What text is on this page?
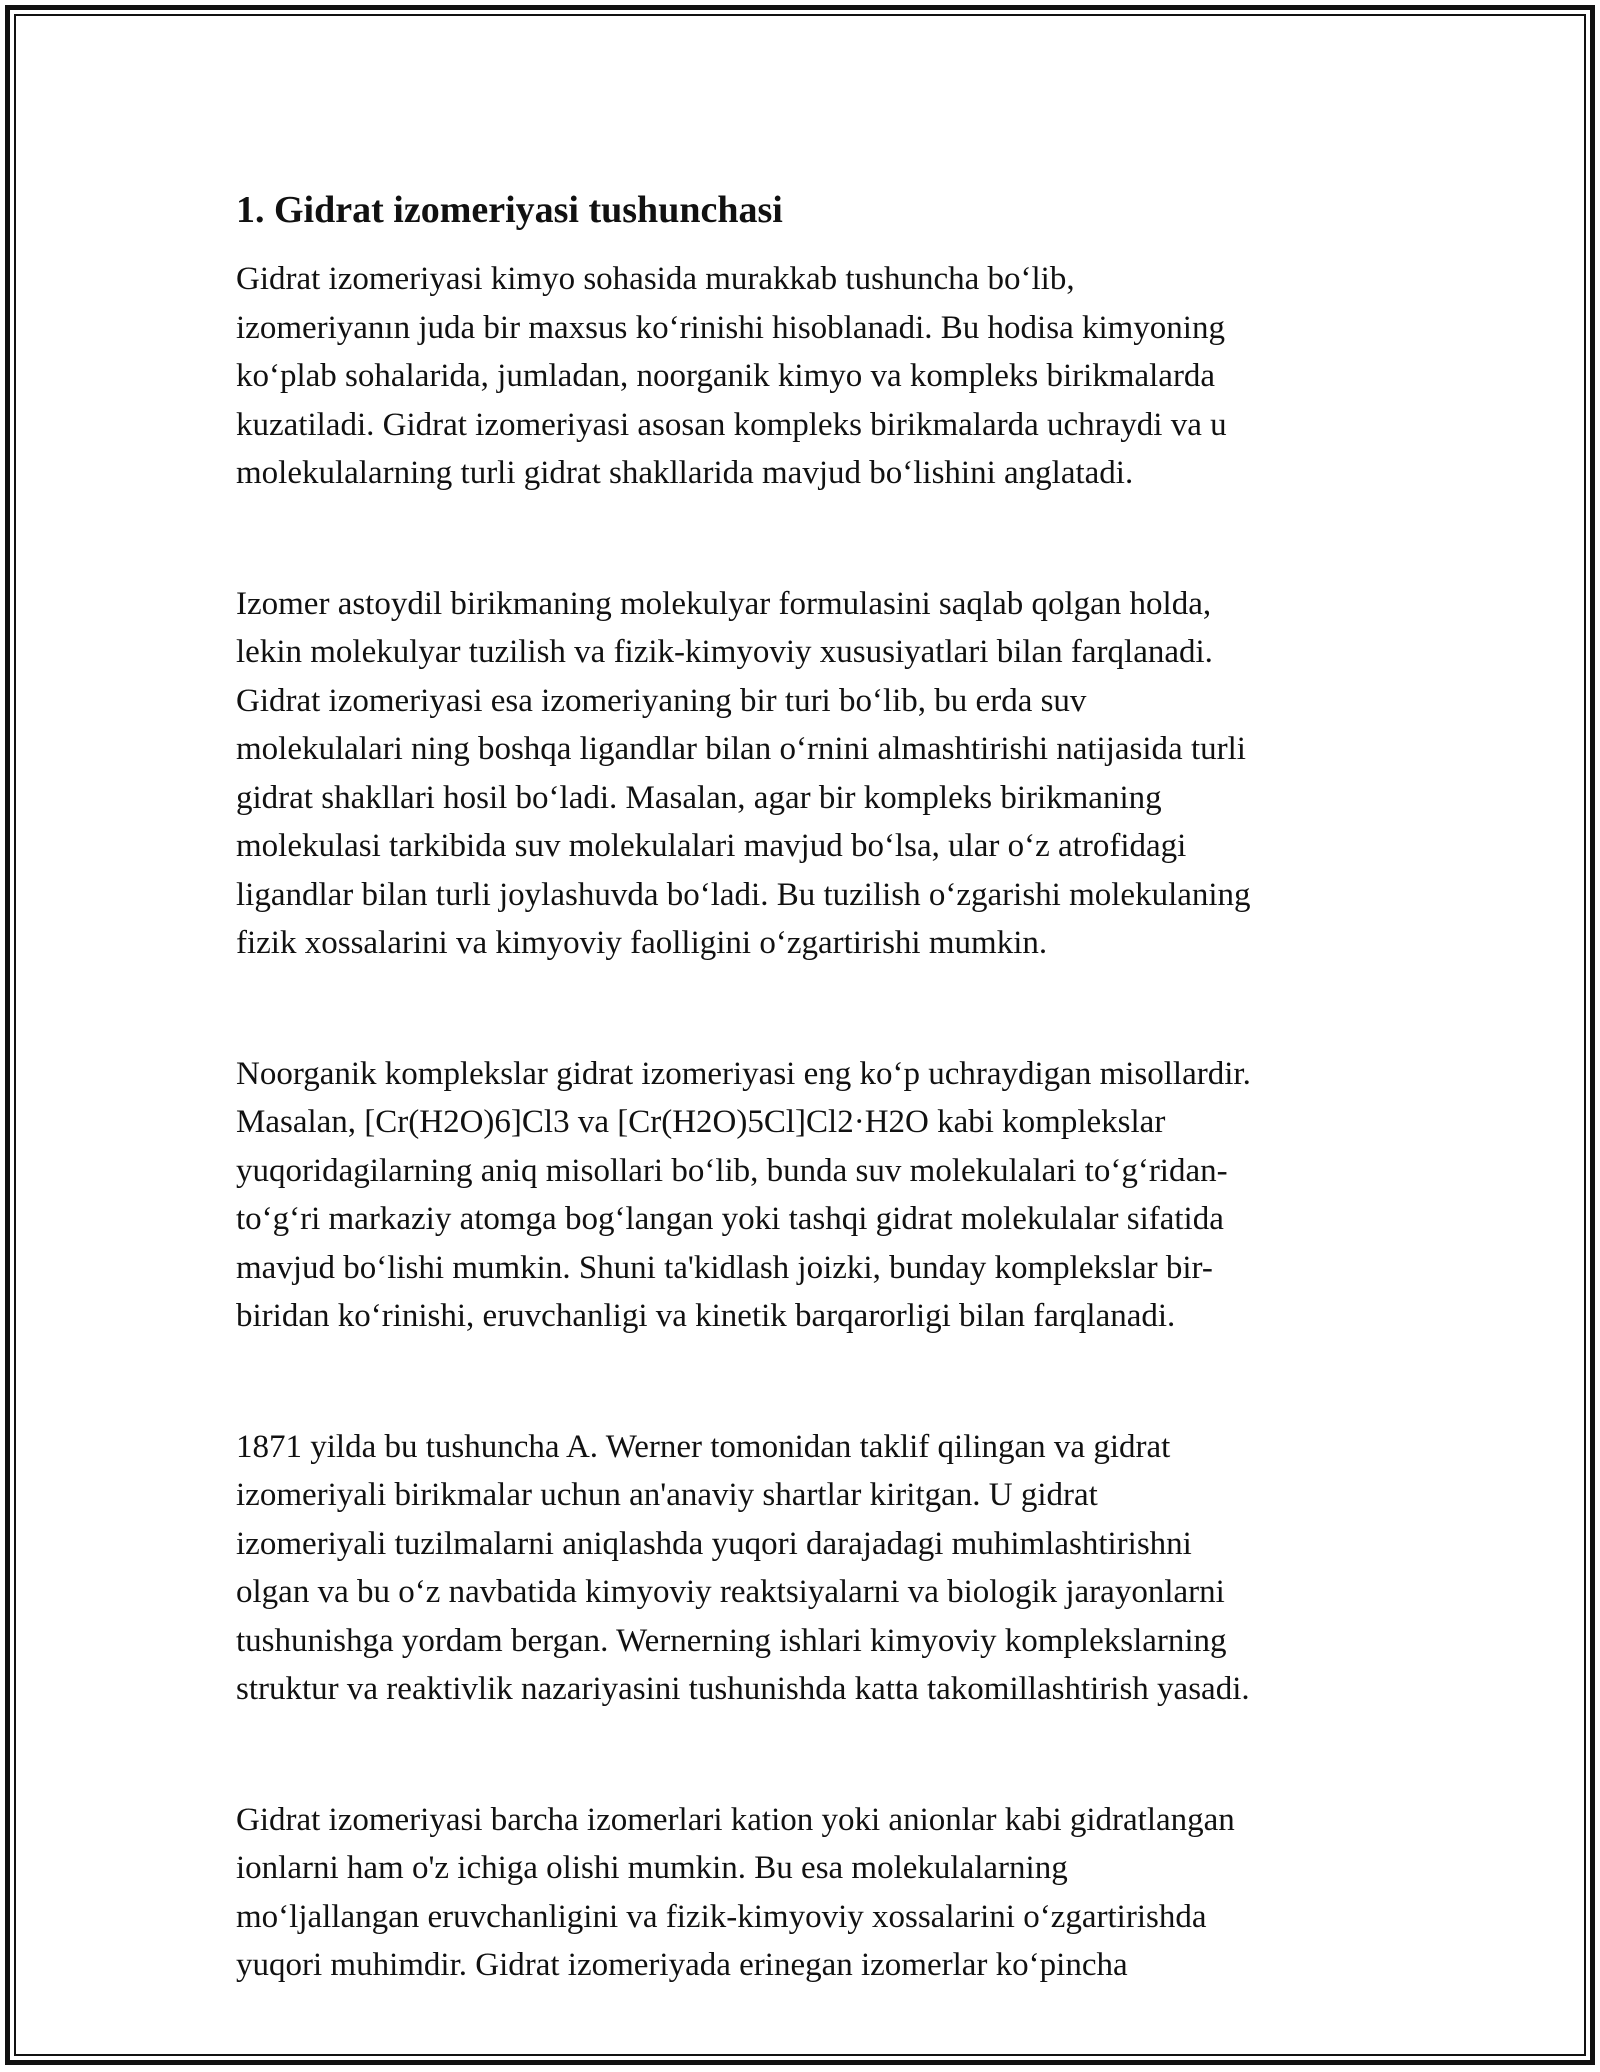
1. Gidrat izomeriyasi tushunchasi

Gidrat izomeriyasi kimyo sohasida murakkab tushuncha bo‘lib,
izomeriyanın juda bir maxsus ko‘rinishi hisoblanadi. Bu hodisa kimyoning
ko‘plab sohalarida, jumladan, noorganik kimyo va kompleks birikmalarda
kuzatiladi. Gidrat izomeriyasi asosan kompleks birikmalarda uchraydi va u
molekulalarning turli gidrat shakllarida mavjud bo‘lishini anglatadi.

Izomer astoydil birikmaning molekulyar formulasini saqlab qolgan holda,
lekin molekulyar tuzilish va fizik-kimyoviy xususiyatlari bilan farqlanadi.
Gidrat izomeriyasi esa izomeriyaning bir turi bo‘lib, bu erda suv
molekulalari ning boshqa ligandlar bilan o‘rnini almashtirishi natijasida turli
gidrat shakllari hosil bo‘ladi. Masalan, agar bir kompleks birikmaning
molekulasi tarkibida suv molekulalari mavjud bo‘lsa, ular o‘z atrofidagi
ligandlar bilan turli joylashuvda bo‘ladi. Bu tuzilish o‘zgarishi molekulaning
fizik xossalarini va kimyoviy faolligini o‘zgartirishi mumkin.

Noorganik komplekslar gidrat izomeriyasi eng ko‘p uchraydigan misollardir.
Masalan, [Cr(H2O)6]Cl3 va [Cr(H2O)5Cl]Cl2·H2O kabi komplekslar
yuqoridagilarning aniq misollari bo‘lib, bunda suv molekulalari to‘g‘ridan-
to‘g‘ri markaziy atomga bog‘langan yoki tashqi gidrat molekulalar sifatida
mavjud bo‘lishi mumkin. Shuni ta'kidlash joizki, bunday komplekslar bir-
biridan ko‘rinishi, eruvchanligi va kinetik barqarorligi bilan farqlanadi.

1871 yilda bu tushuncha A. Werner tomonidan taklif qilingan va gidrat
izomeriyali birikmalar uchun an'anaviy shartlar kiritgan. U gidrat
izomeriyali tuzilmalarni aniqlashda yuqori darajadagi muhimlashtirishni
olgan va bu o‘z navbatida kimyoviy reaktsiyalarni va biologik jarayonlarni
tushunishga yordam bergan. Wernerning ishlari kimyoviy komplekslarning
struktur va reaktivlik nazariyasini tushunishda katta takomillashtirish yasadi.

Gidrat izomeriyasi barcha izomerlari kation yoki anionlar kabi gidratlangan
ionlarni ham o'z ichiga olishi mumkin. Bu esa molekulalarning
mo‘ljallangan eruvchanligini va fizik-kimyoviy xossalarini o‘zgartirishda
yuqori muhimdir. Gidrat izomeriyada erinegan izomerlar ko‘pincha
